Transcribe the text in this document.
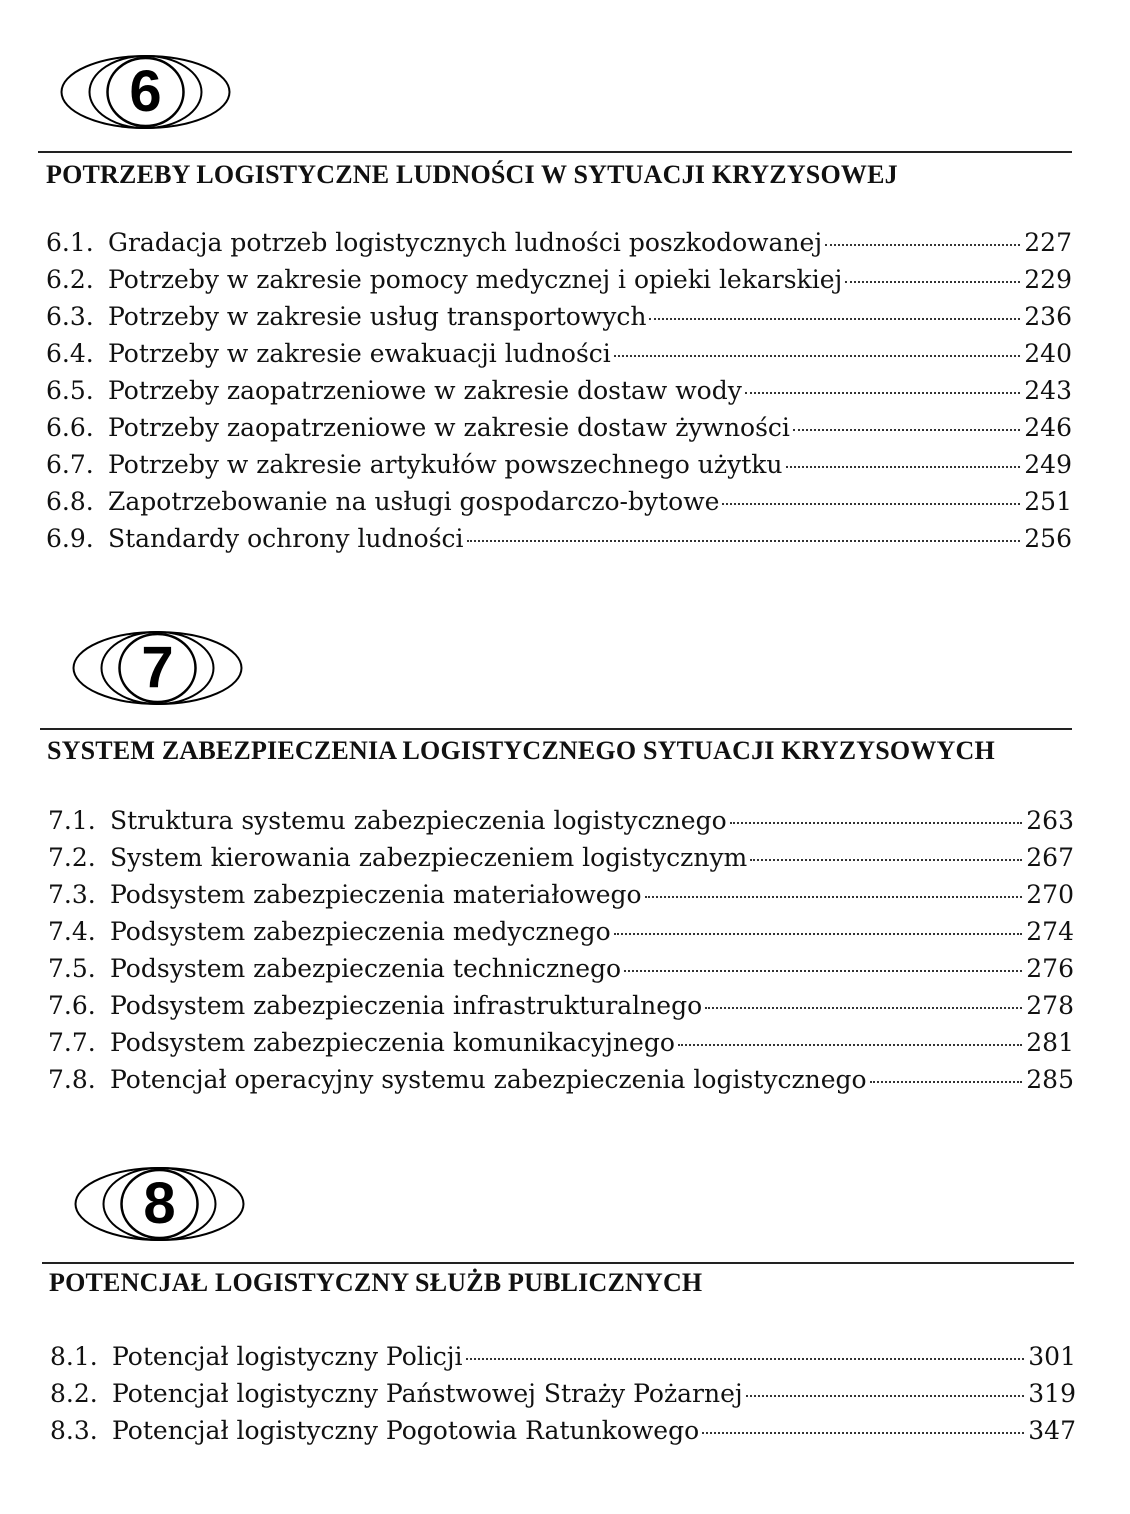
6
POTRZEBY LOGISTYCZNE LUDNOŚCI W SYTUACJI KRYZYSOWEJ
6.1. Gradacja potrzeb logistycznych ludności poszkodowanej	227
6.2. Potrzeby w zakresie pomocy medycznej i opieki lekarskiej	229
6.3. Potrzeby w zakresie usług transportowych	236
6.4. Potrzeby w zakresie ewakuacji ludności	240
6.5. Potrzeby zaopatrzeniowe w zakresie dostaw wody	243
6.6. Potrzeby zaopatrzeniowe w zakresie dostaw żywności	246
6.7. Potrzeby w zakresie artykułów powszechnego użytku	249
6.8. Zapotrzebowanie na usługi gospodarczo-bytowe	251
6.9. Standardy ochrony ludności	256
7
SYSTEM ZABEZPIECZENIA LOGISTYCZNEGO SYTUACJI KRYZYSOWYCH
7.1. Struktura systemu zabezpieczenia logistycznego	263
7.2. System kierowania zabezpieczeniem logistycznym	267
7.3. Podsystem zabezpieczenia materiałowego	270
7.4. Podsystem zabezpieczenia medycznego	274
7.5. Podsystem zabezpieczenia technicznego	276
7.6. Podsystem zabezpieczenia infrastrukturalnego	278
7.7. Podsystem zabezpieczenia komunikacyjnego	281
7.8. Potencjał operacyjny systemu zabezpieczenia logistycznego	285
8
POTENCJAŁ LOGISTYCZNY SŁUŻB PUBLICZNYCH
8.1. Potencjał logistyczny Policji	301
8.2. Potencjał logistyczny Państwowej Straży Pożarnej	319
8.3. Potencjał logistyczny Pogotowia Ratunkowego	347
